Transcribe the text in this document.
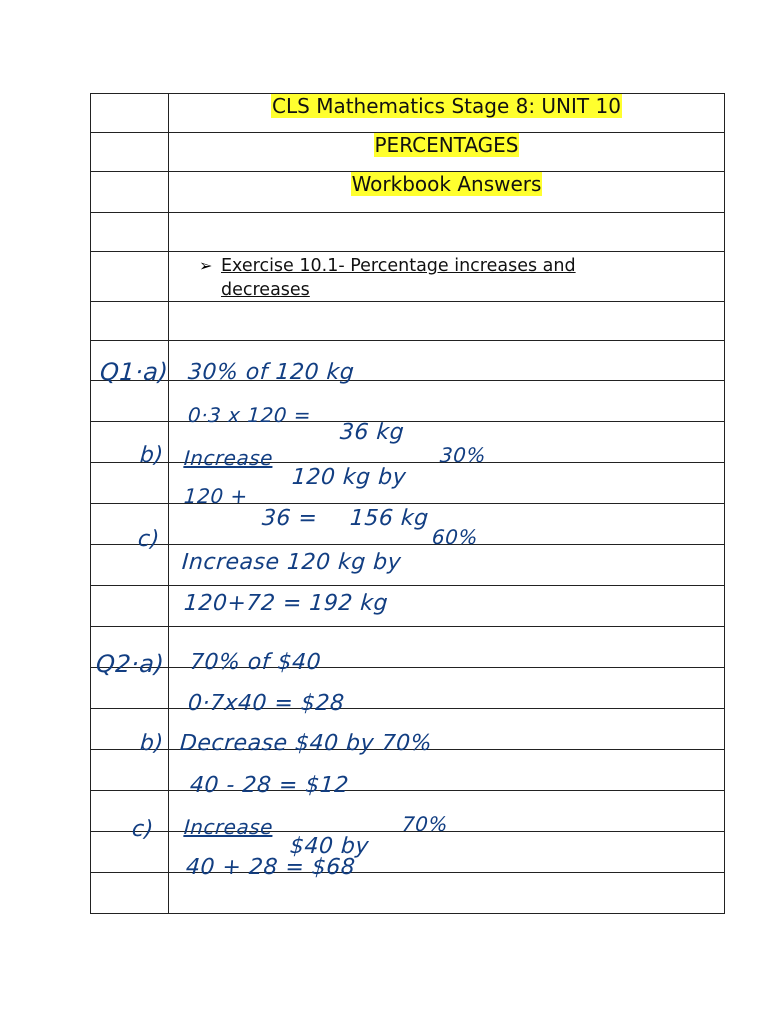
	CLS Mathematics Stage 8: UNIT 10
	PERCENTAGES
	Workbook Answers

	➢ Exercise 10.1- Percentage increases and
decreases

Q1·a) 30% of 120 kg
0·3 x 120 =
36 kg
b) Increase	30%
120 kg by
120 +
36 = 156 kg
c)	60%
Increase 120 kg by
120+72 = 192 kg
Q2·a) 70% of $40
0·7x40 = $28
b) Decrease $40 by 70%
40 - 28 = $12
c) Increase	70%
$40 by
40 + 28 = $68
